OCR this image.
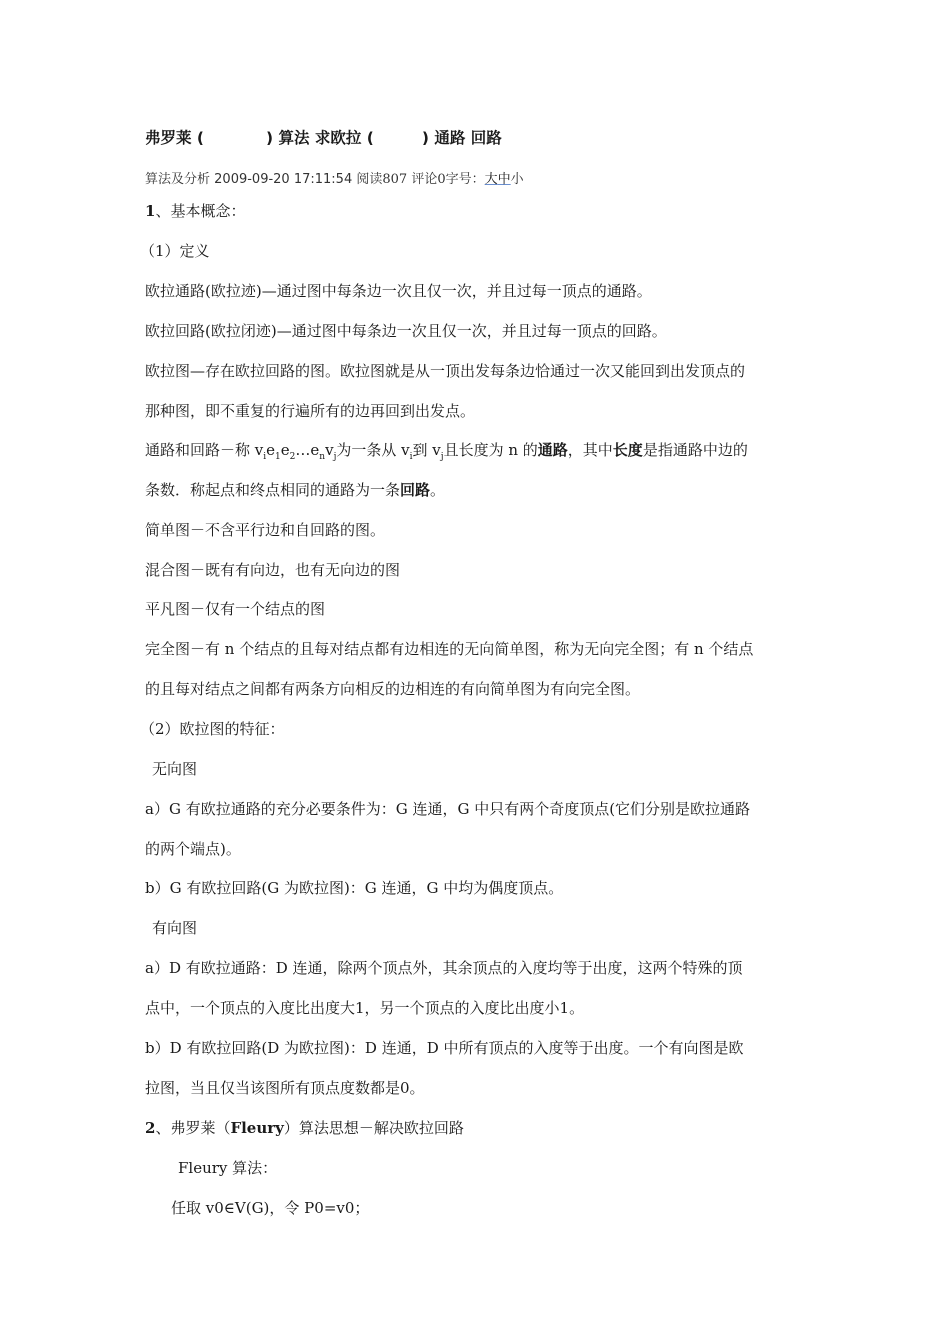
弗罗莱 (	) 算法 求欧拉 (	) 通路 回路
算法及分析 2009-09-20 17:11:54 阅读807 评论0字号：大中小
1、基本概念：
（1）定义
欧拉通路(欧拉迹)—通过图中每条边一次且仅一次，并且过每一顶点的通路。
欧拉回路(欧拉闭迹)—通过图中每条边一次且仅一次，并且过每一顶点的回路。
欧拉图—存在欧拉回路的图。欧拉图就是从一顶出发每条边恰通过一次又能回到出发顶点的
那种图，即不重复的行遍所有的边再回到出发点。
通路和回路－称 $v_ie_1e_2\dots e_nv_j$为一条从 $v_i$到 $v_j$且长度为 n 的通路，其中长度是指通路中边的
条数．称起点和终点相同的通路为一条回路。
简单图－不含平行边和自回路的图。
混合图－既有有向边，也有无向边的图
平凡图－仅有一个结点的图
完全图－有 n 个结点的且每对结点都有边相连的无向简单图，称为无向完全图；有 n 个结点
的且每对结点之间都有两条方向相反的边相连的有向简单图为有向完全图。
（2）欧拉图的特征：
无向图
a）G 有欧拉通路的充分必要条件为：G 连通，G 中只有两个奇度顶点(它们分别是欧拉通路
的两个端点)。
b）G 有欧拉回路(G 为欧拉图)：G 连通，G 中均为偶度顶点。
有向图
a）D 有欧拉通路：D 连通，除两个顶点外，其余顶点的入度均等于出度，这两个特殊的顶
点中，一个顶点的入度比出度大1，另一个顶点的入度比出度小1。
b）D 有欧拉回路(D 为欧拉图)：D 连通，D 中所有顶点的入度等于出度。一个有向图是欧
拉图，当且仅当该图所有顶点度数都是0。
2、弗罗莱（Fleury）算法思想－解决欧拉回路
Fleury 算法：
任取 v0∈V(G)，令 P0=v0；
